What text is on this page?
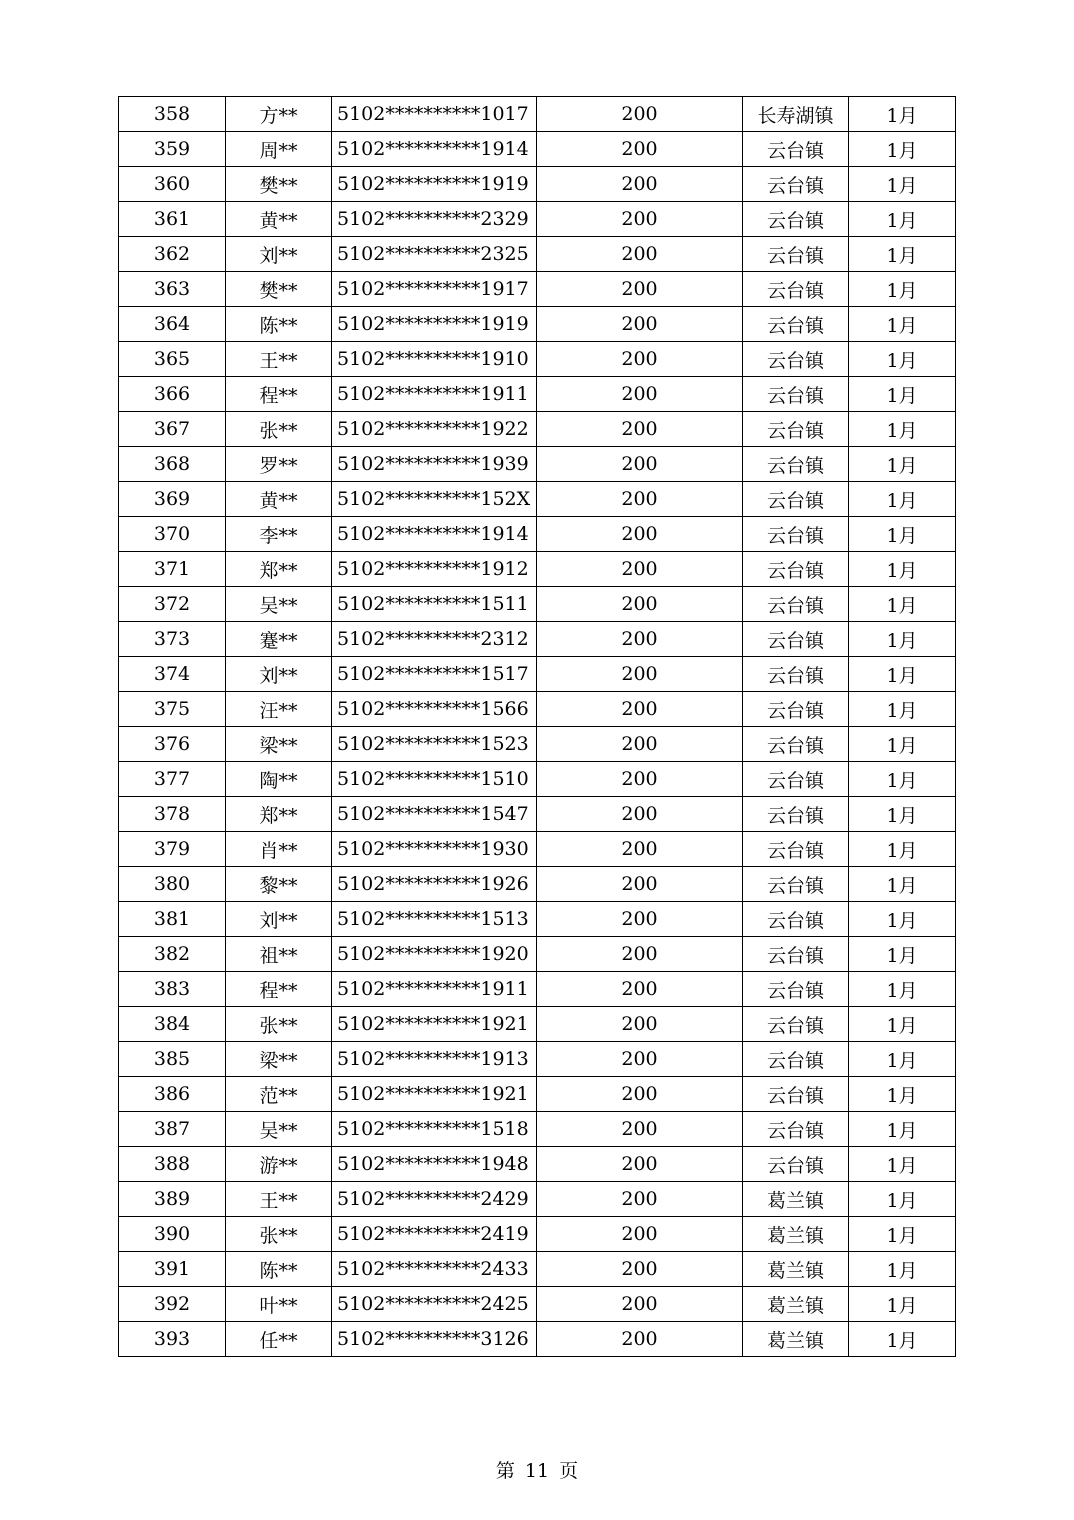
358	方**	5102**********1017	200	长寿湖镇	1月
359	周**	5102**********1914	200	云台镇	1月
360	樊**	5102**********1919	200	云台镇	1月
361	黄**	5102**********2329	200	云台镇	1月
362	刘**	5102**********2325	200	云台镇	1月
363	樊**	5102**********1917	200	云台镇	1月
364	陈**	5102**********1919	200	云台镇	1月
365	王**	5102**********1910	200	云台镇	1月
366	程**	5102**********1911	200	云台镇	1月
367	张**	5102**********1922	200	云台镇	1月
368	罗**	5102**********1939	200	云台镇	1月
369	黄**	5102**********152X	200	云台镇	1月
370	李**	5102**********1914	200	云台镇	1月
371	郑**	5102**********1912	200	云台镇	1月
372	吴**	5102**********1511	200	云台镇	1月
373	蹇**	5102**********2312	200	云台镇	1月
374	刘**	5102**********1517	200	云台镇	1月
375	汪**	5102**********1566	200	云台镇	1月
376	梁**	5102**********1523	200	云台镇	1月
377	陶**	5102**********1510	200	云台镇	1月
378	郑**	5102**********1547	200	云台镇	1月
379	肖**	5102**********1930	200	云台镇	1月
380	黎**	5102**********1926	200	云台镇	1月
381	刘**	5102**********1513	200	云台镇	1月
382	祖**	5102**********1920	200	云台镇	1月
383	程**	5102**********1911	200	云台镇	1月
384	张**	5102**********1921	200	云台镇	1月
385	梁**	5102**********1913	200	云台镇	1月
386	范**	5102**********1921	200	云台镇	1月
387	吴**	5102**********1518	200	云台镇	1月
388	游**	5102**********1948	200	云台镇	1月
389	王**	5102**********2429	200	葛兰镇	1月
390	张**	5102**********2419	200	葛兰镇	1月
391	陈**	5102**********2433	200	葛兰镇	1月
392	叶**	5102**********2425	200	葛兰镇	1月
393	任**	5102**********3126	200	葛兰镇	1月
第 11 页
